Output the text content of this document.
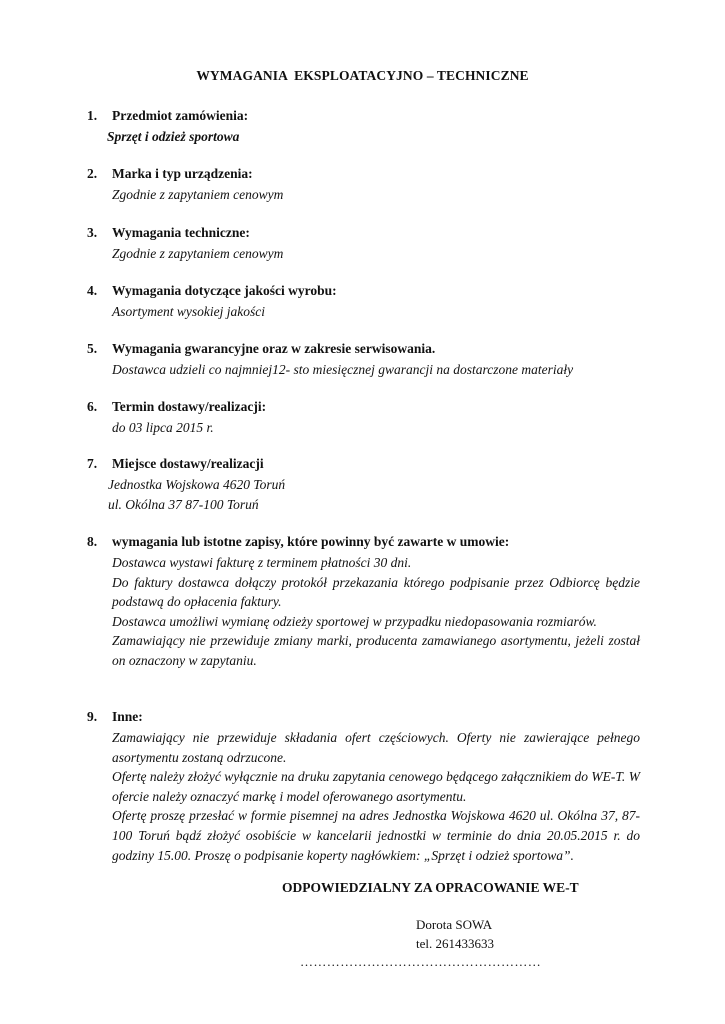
WYMAGANIA  EKSPLOATACYJNO – TECHNICZNE
1. Przedmiot zamówienia:

Sprzęt i odzież sportowa

2. Marka i typ urządzenia:

Zgodnie z zapytaniem cenowym

3. Wymagania techniczne:

Zgodnie z zapytaniem cenowym

4. Wymagania dotyczące jakości wyrobu:

Asortyment wysokiej jakości

5. Wymagania gwarancyjne oraz w zakresie serwisowania.

Dostawca udzieli co najmniej12- sto miesięcznej gwarancji na dostarczone materiały

6. Termin dostawy/realizacji:

do 03 lipca 2015 r.

7. Miejsce dostawy/realizacji

Jednostka Wojskowa 4620 Toruń

ul. Okólna 37 87-100 Toruń

8. wymagania lub istotne zapisy, które powinny być zawarte w umowie:

Dostawca wystawi fakturę z terminem płatności 30 dni.

Do faktury dostawca dołączy protokół przekazania którego podpisanie przez Odbiorcę będzie podstawą do opłacenia faktury.

Dostawca umożliwi wymianę odzieży sportowej w przypadku niedopasowania rozmiarów.

Zamawiający nie przewiduje zmiany marki, producenta zamawianego asortymentu, jeżeli został on oznaczony w zapytaniu.

9. Inne:

Zamawiający nie przewiduje składania ofert częściowych. Oferty nie zawierające pełnego asortymentu zostaną odrzucone.

Ofertę należy złożyć wyłącznie na druku zapytania cenowego będącego załącznikiem do WE-T. W ofercie należy oznaczyć markę i model oferowanego asortymentu.

Ofertę proszę przesłać w formie pisemnej na adres Jednostka Wojskowa 4620 ul. Okólna 37, 87-100 Toruń bądź złożyć osobiście w kancelarii jednostki w terminie do dnia 20.05.2015 r. do godziny 15.00. Proszę o podpisanie koperty nagłówkiem: „Sprzęt i odzież sportowa”.

ODPOWIEDZIALNY ZA OPRACOWANIE WE-T
Dorota SOWA
tel. 261433633
………………………………………………
